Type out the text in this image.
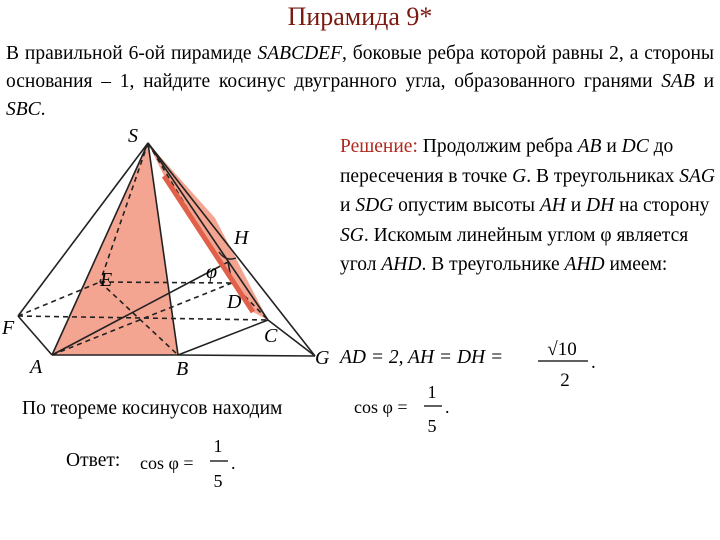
Пирамида 9*
В правильной 6-ой пирамиде SABCDEF, боковые ребра которой равны 2, а стороны основания – 1, найдите косинус двугранного угла, образованного гранями SAB и SBC.
S
H
E	φ
D
F	C
A	B	G
Решение: Продолжим ребра AB и DC до пересечения в точке G. В треугольниках SAG и SDG опустим высоты AH и DH на сторону SG. Искомым линейным углом φ является угол AHD. В треугольнике AHD имеем:
AD = 2, AH = DH = √10
2
.
По теореме косинусов находим	cos φ =
1
5
.
Ответ: cos φ =
1
5
.
